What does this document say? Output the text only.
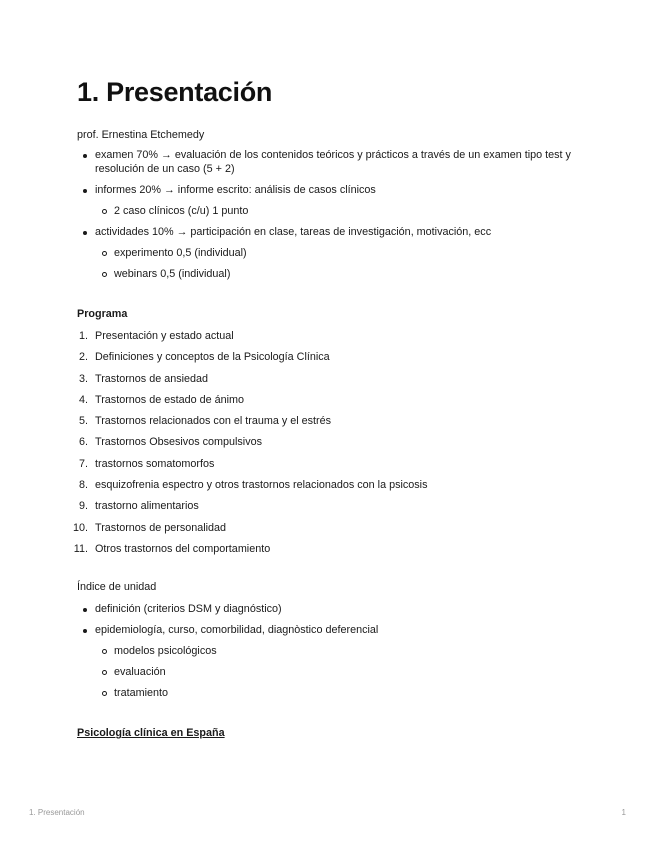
1. Presentación

prof. Ernestina Etchemedy

examen 70% → evaluación de los contenidos teóricos y prácticos a través de un examen tipo test y resolución de un caso (5 + 2)
informes 20% → informe escrito: análisis de casos clínicos
2 caso clínicos (c/u) 1 punto
actividades 10% → participación en clase, tareas de investigación, motivación, ecc
experimento 0,5 (individual)
webinars 0,5 (individual)
Programa
1. Presentación y estado actual
2. Definiciones y conceptos de la Psicología Clínica
3. Trastornos de ansiedad
4. Trastornos de estado de ánimo
5. Trastornos relacionados con el trauma y el estrés
6. Trastornos Obsesivos compulsivos
7. trastornos somatomorfos
8. esquizofrenia espectro y otros trastornos relacionados con la psicosis
9. trastorno alimentarios
10. Trastornos de personalidad
11. Otros trastornos del comportamiento

Índice de unidad

definición (criterios DSM y diagnóstico)
epidemiología, curso, comorbilidad, diagnòstico deferencial
modelos psicológicos
evaluación
tratamiento
Psicología clínica en España
1. Presentación	1
